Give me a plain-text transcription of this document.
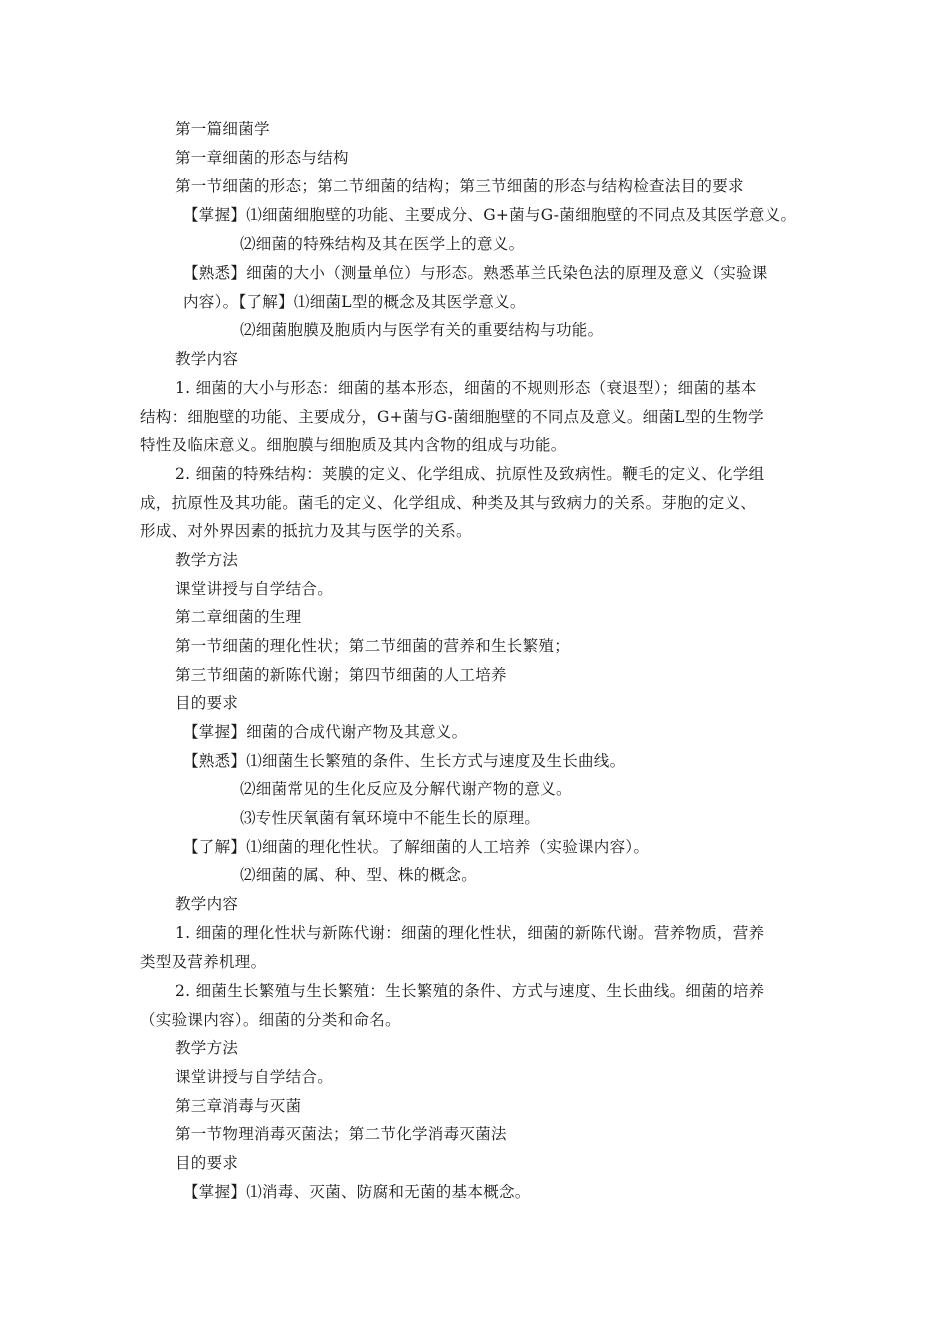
第一篇细菌学
第一章细菌的形态与结构
第一节细菌的形态；第二节细菌的结构；第三节细菌的形态与结构检查法目的要求
【掌握】⑴细菌细胞壁的功能、主要成分、G+菌与G-菌细胞壁的不同点及其医学意义。
⑵细菌的特殊结构及其在医学上的意义。
【熟悉】细菌的大小（测量单位）与形态。熟悉革兰氏染色法的原理及意义（实验课
内容）。【了解】⑴细菌L型的概念及其医学意义。
⑵细菌胞膜及胞质内与医学有关的重要结构与功能。
教学内容
1. 细菌的大小与形态：细菌的基本形态，细菌的不规则形态（衰退型）；细菌的基本
结构：细胞壁的功能、主要成分，G+菌与G-菌细胞壁的不同点及意义。细菌L型的生物学
特性及临床意义。细胞膜与细胞质及其内含物的组成与功能。
2. 细菌的特殊结构：荚膜的定义、化学组成、抗原性及致病性。鞭毛的定义、化学组
成，抗原性及其功能。菌毛的定义、化学组成、种类及其与致病力的关系。芽胞的定义、
形成、对外界因素的抵抗力及其与医学的关系。
教学方法
课堂讲授与自学结合。
第二章细菌的生理
第一节细菌的理化性状；第二节细菌的营养和生长繁殖；
第三节细菌的新陈代谢；第四节细菌的人工培养
目的要求
【掌握】细菌的合成代谢产物及其意义。
【熟悉】⑴细菌生长繁殖的条件、生长方式与速度及生长曲线。
⑵细菌常见的生化反应及分解代谢产物的意义。
⑶专性厌氧菌有氧环境中不能生长的原理。
【了解】⑴细菌的理化性状。了解细菌的人工培养（实验课内容）。
⑵细菌的属、种、型、株的概念。
教学内容
1. 细菌的理化性状与新陈代谢：细菌的理化性状，细菌的新陈代谢。营养物质，营养
类型及营养机理。
2. 细菌生长繁殖与生长繁殖：生长繁殖的条件、方式与速度、生长曲线。细菌的培养
（实验课内容）。细菌的分类和命名。
教学方法
课堂讲授与自学结合。
第三章消毒与灭菌
第一节物理消毒灭菌法；第二节化学消毒灭菌法
目的要求
【掌握】⑴消毒、灭菌、防腐和无菌的基本概念。
